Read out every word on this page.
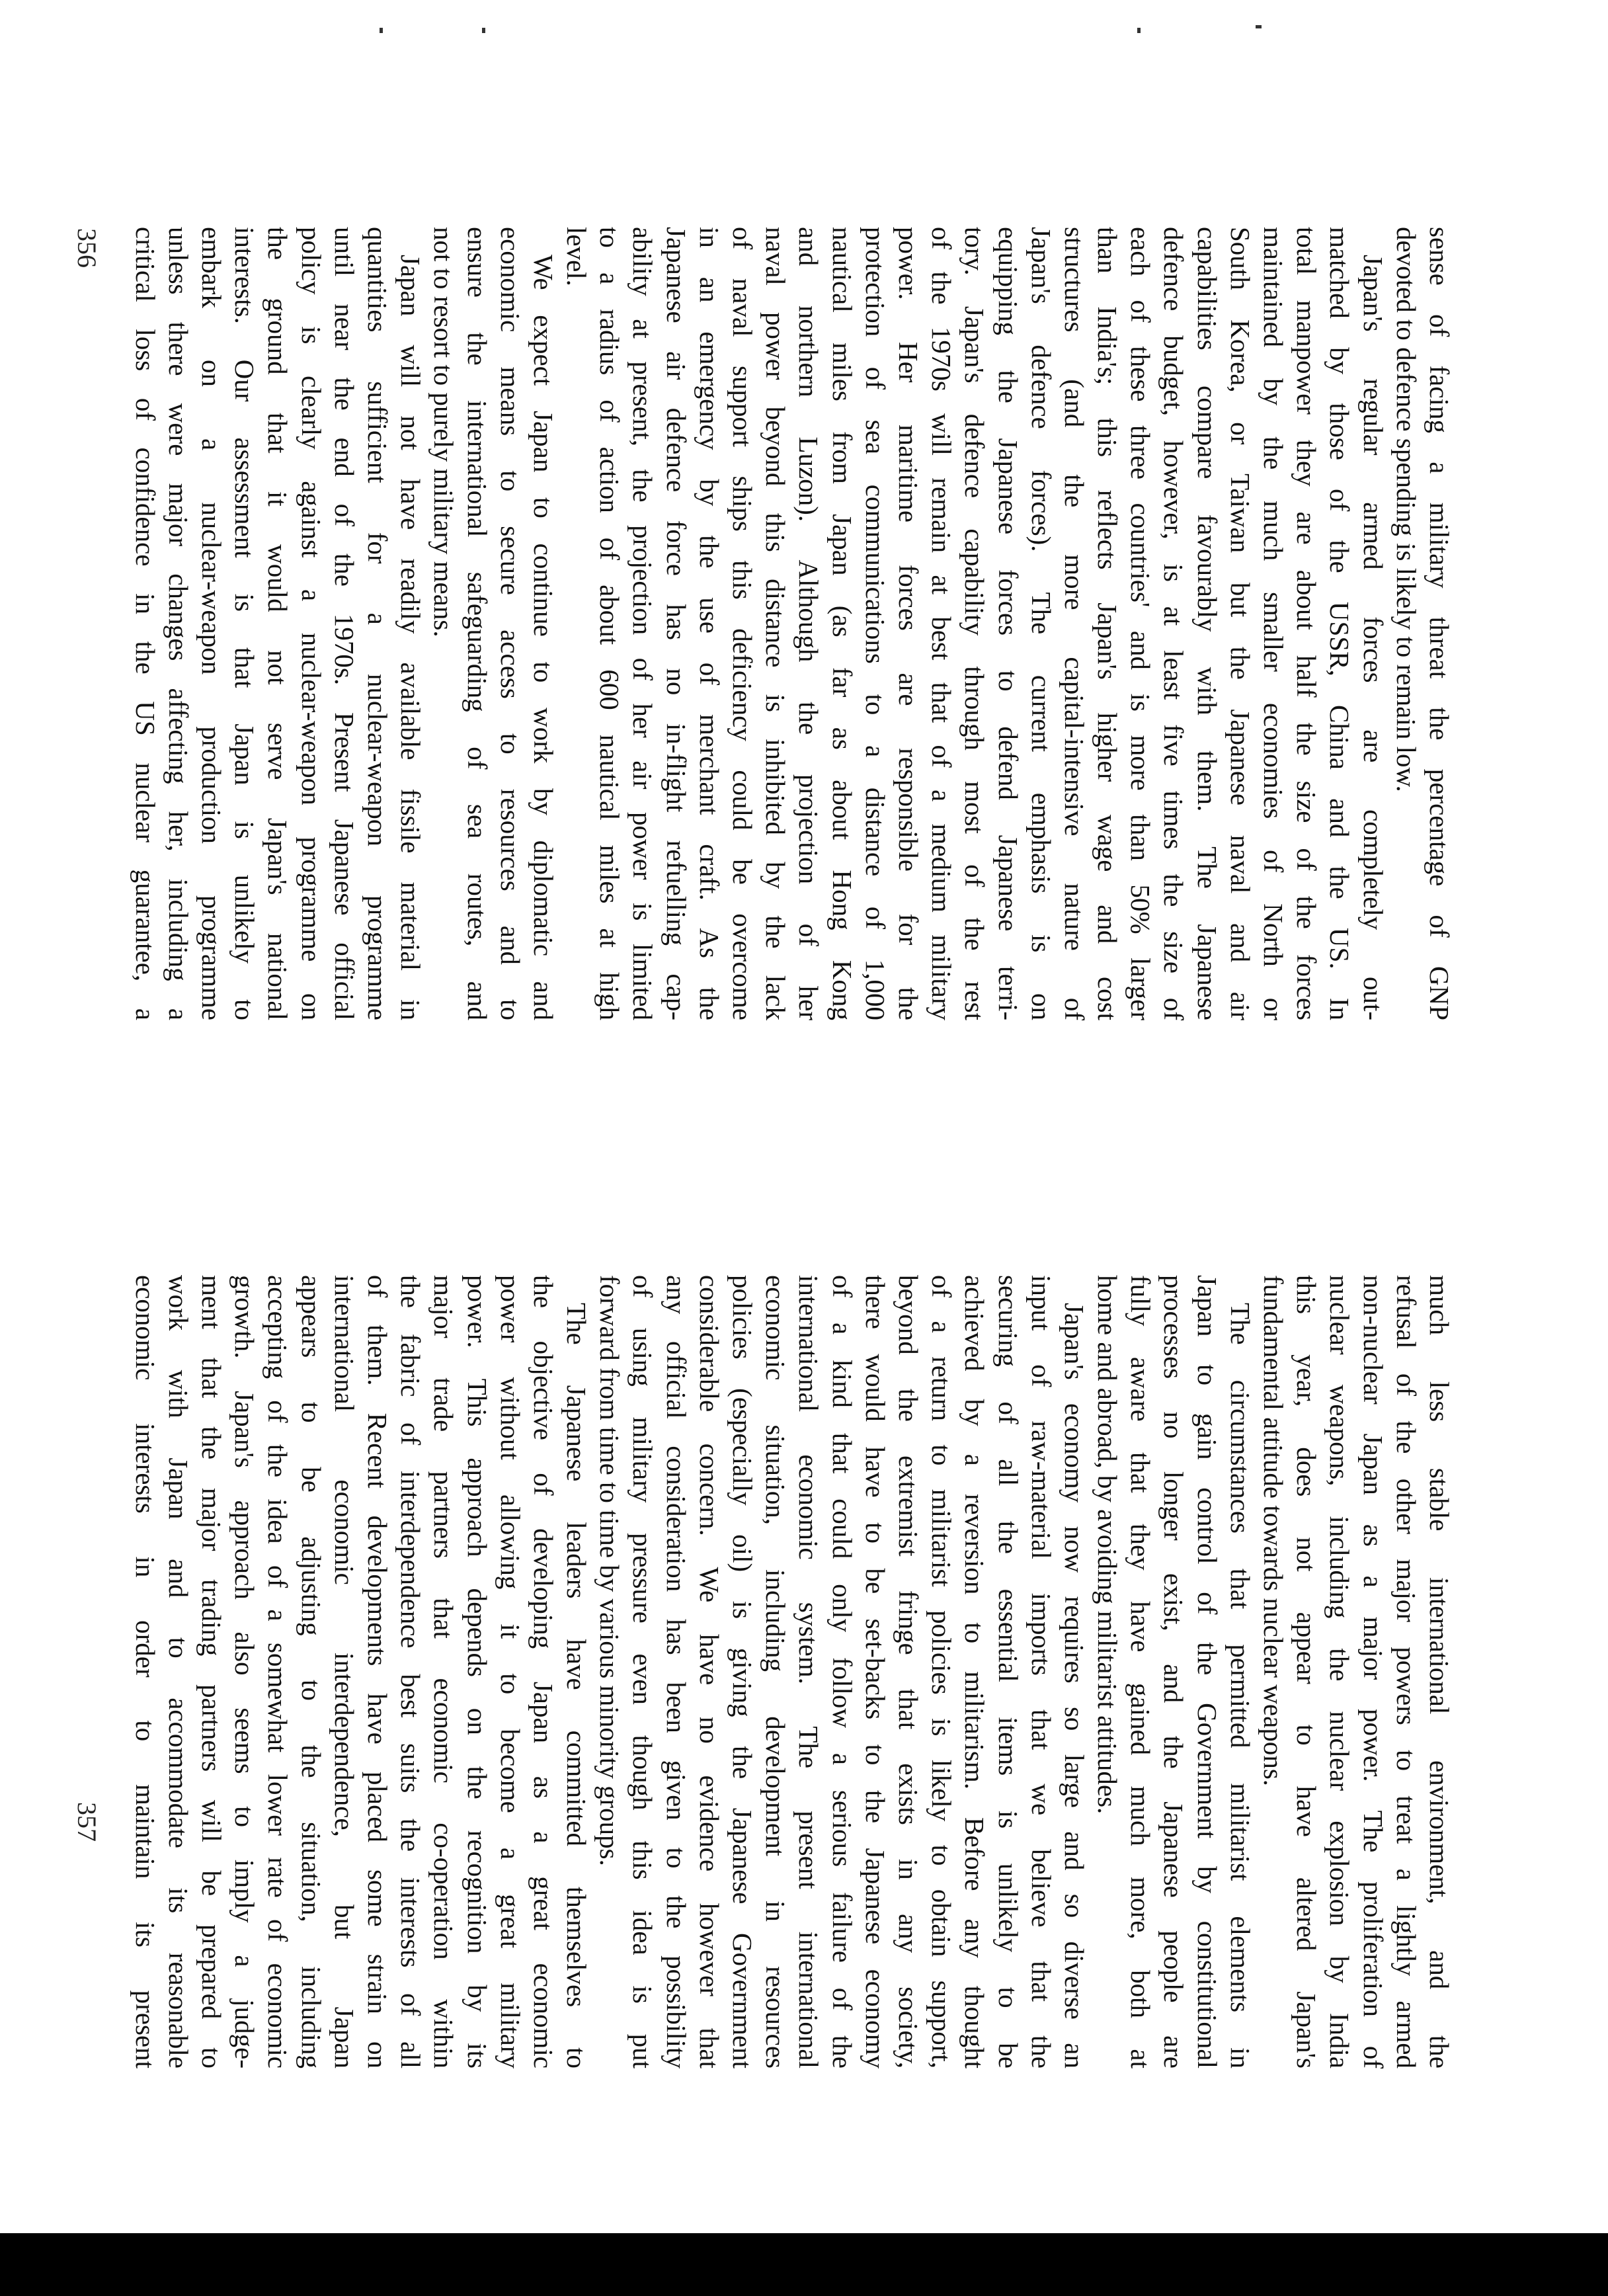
sense of facing a military threat the percentage of GNP
devoted to defence spending is likely to remain low.
Japan's regular armed forces are completely out-
matched by those of the USSR, China and the US. In
total manpower they are about half the size of the forces
maintained by the much smaller economies of North or
South Korea, or Taiwan but the Japanese naval and air
capabilities compare favourably with them. The Japanese
defence budget, however, is at least five times the size of
each of these three countries' and is more than 50% larger
than India's; this reflects Japan's higher wage and cost
structures (and the more capital-intensive nature of
Japan's defence forces). The current emphasis is on
equipping the Japanese forces to defend Japanese terri-
tory. Japan's defence capability through most of the rest
of the 1970s will remain at best that of a medium military
power. Her maritime forces are responsible for the
protection of sea communications to a distance of 1,000
nautical miles from Japan (as far as about Hong Kong
and northern Luzon). Although the projection of her
naval power beyond this distance is inhibited by the lack
of naval support ships this deficiency could be overcome
in an emergency by the use of merchant craft. As the
Japanese air defence force has no in-flight refuelling cap-
ability at present, the projection of her air power is limited
to a radius of action of about 600 nautical miles at high
level.
We expect Japan to continue to work by diplomatic and
economic means to secure access to resources and to
ensure the international safeguarding of sea routes, and
not to resort to purely military means.
Japan will not have readily available fissile material in
quantities sufficient for a nuclear-weapon programme
until near the end of the 1970s. Present Japanese official
policy is clearly against a nuclear-weapon programme on
the ground that it would not serve Japan's national
interests. Our assessment is that Japan is unlikely to
embark on a nuclear-weapon production programme
unless there were major changes affecting her, including a
critical loss of confidence in the US nuclear guarantee, a
much less stable international environment, and the
refusal of the other major powers to treat a lightly armed
non-nuclear Japan as a major power. The proliferation of
nuclear weapons, including the nuclear explosion by India
this year, does not appear to have altered Japan's
fundamental attitude towards nuclear weapons.
The circumstances that permitted militarist elements in
Japan to gain control of the Government by constitutional
processes no longer exist, and the Japanese people are
fully aware that they have gained much more, both at
home and abroad, by avoiding militarist attitudes.
Japan's economy now requires so large and so diverse an
input of raw-material imports that we believe that the
securing of all the essential items is unlikely to be
achieved by a reversion to militarism. Before any thought
of a return to militarist policies is likely to obtain support,
beyond the extremist fringe that exists in any society,
there would have to be set-backs to the Japanese economy
of a kind that could only follow a serious failure of the
international economic system. The present international
economic situation, including development in resources
policies (especially oil) is giving the Japanese Government
considerable concern. We have no evidence however that
any official consideration has been given to the possibility
of using military pressure even though this idea is put
forward from time to time by various minority groups.
The Japanese leaders have committed themselves to
the objective of developing Japan as a great economic
power without allowing it to become a great military
power. This approach depends on the recognition by its
major trade partners that economic co-operation within
the fabric of interdependence best suits the interests of all
of them. Recent developments have placed some strain on
international economic interdependence, but Japan
appears to be adjusting to the situation, including
accepting of the idea of a somewhat lower rate of economic
growth. Japan's approach also seems to imply a judge-
ment that the major trading partners will be prepared to
work with Japan and to accommodate its reasonable
economic interests in order to maintain its present
356
357
